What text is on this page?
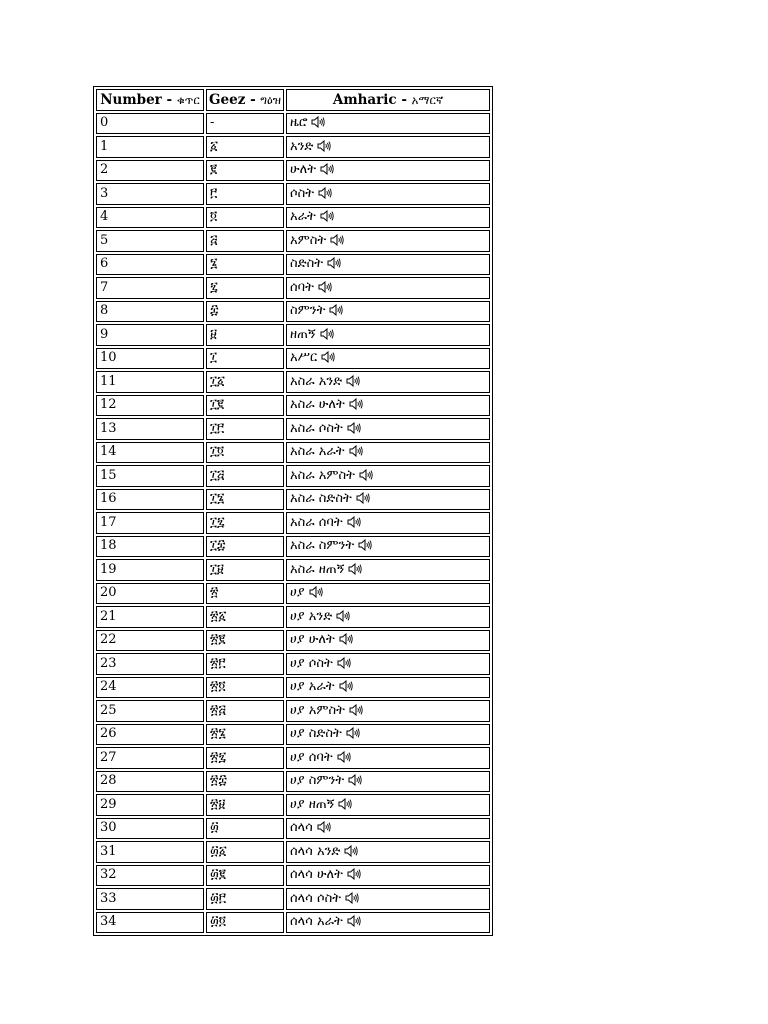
Number - ቁጥር	Geez - ግዕዝ	Amharic - አማርኛ
0	-	ዜሮ

1	፩	አንድ

2	፪	ሁለት

3	፫	ሶስት

4	፬	አራት

5	፭	አምስት

6	፮	ስድስት

7	፯	ሰባት

8	፰	ስምንት

9	፱	ዘጠኝ

10	፲	አሥር

11	፲፩	አስራ አንድ

12	፲፪	አስራ ሁለት

13	፲፫	አስራ ሶስት

14	፲፬	አስራ አራት

15	፲፭	አስራ አምስት

16	፲፮	አስራ ስድስት

17	፲፯	አስራ ሰባት

18	፲፰	አስራ ስምንት

19	፲፱	አስራ ዘጠኝ

20	፳	ሀያ

21	፳፩	ሀያ አንድ

22	፳፪	ሀያ ሁለት

23	፳፫	ሀያ ሶስት

24	፳፬	ሀያ አራት

25	፳፭	ሀያ አምስት

26	፳፮	ሀያ ስድስት

27	፳፯	ሀያ ሰባት

28	፳፰	ሀያ ስምንት

29	፳፱	ሀያ ዘጠኝ

30	፴	ሰላሳ

31	፴፩	ሰላሳ አንድ

32	፴፪	ሰላሳ ሁለት

33	፴፫	ሰላሳ ሶስት

34	፴፬	ሰላሳ አራት
